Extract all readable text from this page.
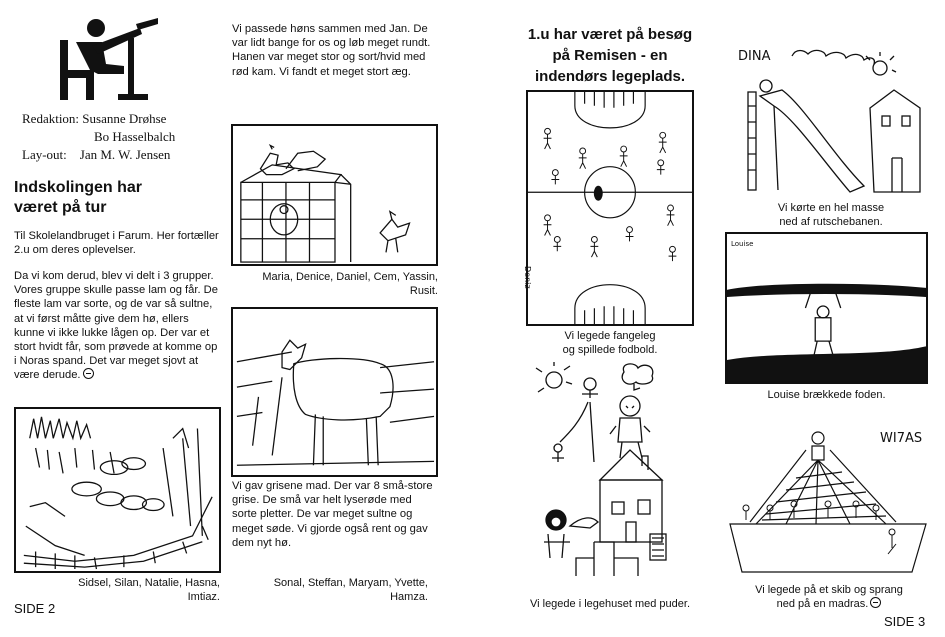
Redaktion: Susanne Drøhse
Bo Hasselbalch
Lay-out: Jan M. W. Jensen
Indskolingen har
været på tur
Til Skolelandbruget i Farum. Her fortæller 2.u om deres oplevelser.
Da vi kom derud, blev vi delt i 3 grupper. Vores gruppe skulle passe lam og får. De fleste lam var sorte, og de var så sultne, at vi først måtte give dem hø, ellers kunne vi ikke lukke lågen op. Der var et stort hvidt får, som prøvede at komme op i Noras spand. Det var meget sjovt at være derude.
Sidsel, Silan, Natalie, Hasna, Imtiaz.
SIDE 2
Vi passede høns sammen med Jan. De var lidt bange for os og løb meget rundt. Hanen var meget stor og sort/hvid med rød kam. Vi fandt et meget stort æg.
Maria, Denice, Daniel, Cem, Yassin, Rusit.
Vi gav grisene mad. Der var 8 små-store grise. De små var helt lyserøde med sorte pletter. De var meget sultne og meget søde. Vi gjorde også rent og gav dem nyt hø.
Sonal, Steffan, Maryam, Yvette, Hamza.
1.u har været på besøg
på Remisen - en
indendørs legeplads.
Deniz
Vi legede fangeleg
og spillede fodbold.
Vi legede i legehuset med puder.
DINA
Vi kørte en hel masse
ned af rutschebanen.
Louise
Louise brækkede foden.
WI7AS
Vi legede på et skib og sprang
ned på en madras.
SIDE 3
